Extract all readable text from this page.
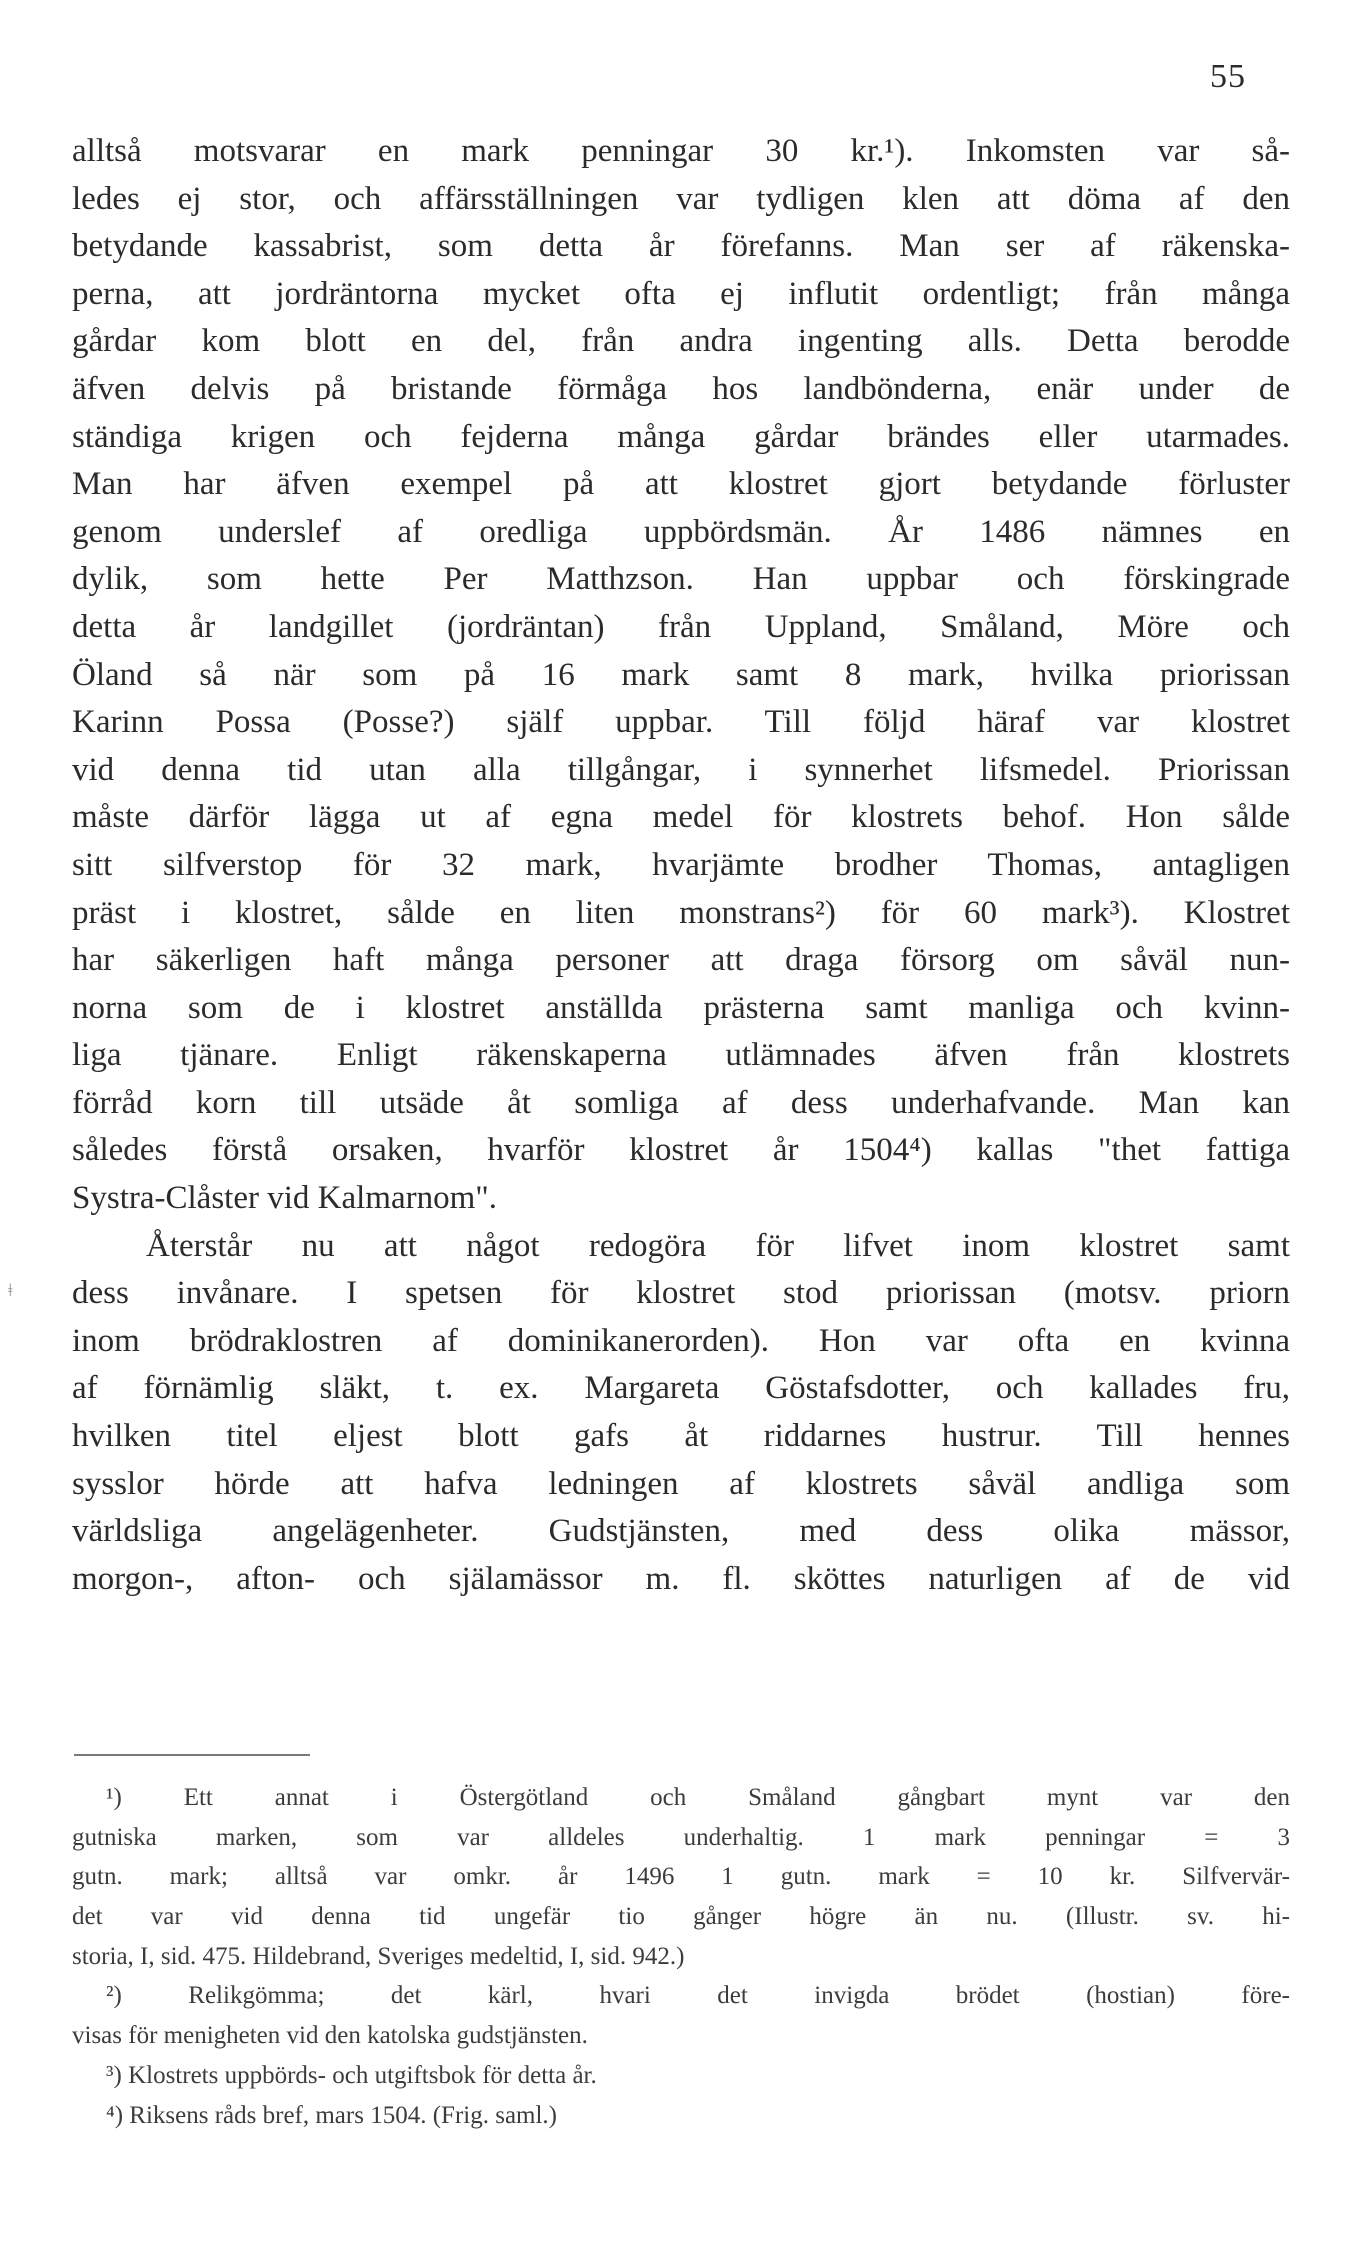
55
ǂ
alltså motsvarar en mark penningar 30 kr.¹). Inkomsten var så-
ledes ej stor, och affärsställningen var tydligen klen att döma af den
betydande kassabrist, som detta år förefanns. Man ser af räkenska-
perna, att jordräntorna mycket ofta ej influtit ordentligt; från många
gårdar kom blott en del, från andra ingenting alls. Detta berodde
äfven delvis på bristande förmåga hos landbönderna, enär under de
ständiga krigen och fejderna många gårdar brändes eller utarmades.
Man har äfven exempel på att klostret gjort betydande förluster
genom underslef af oredliga uppbördsmän. År 1486 nämnes en
dylik, som hette Per Matthzson. Han uppbar och förskingrade
detta år landgillet (jordräntan) från Uppland, Småland, Möre och
Öland så när som på 16 mark samt 8 mark, hvilka priorissan
Karinn Possa (Posse?) själf uppbar. Till följd häraf var klostret
vid denna tid utan alla tillgångar, i synnerhet lifsmedel. Priorissan
måste därför lägga ut af egna medel för klostrets behof. Hon sålde
sitt silfverstop för 32 mark, hvarjämte brodher Thomas, antagligen
präst i klostret, sålde en liten monstrans²) för 60 mark³). Klostret
har säkerligen haft många personer att draga försorg om såväl nun-
norna som de i klostret anställda prästerna samt manliga och kvinn-
liga tjänare. Enligt räkenskaperna utlämnades äfven från klostrets
förråd korn till utsäde åt somliga af dess underhafvande. Man kan
således förstå orsaken, hvarför klostret år 1504⁴) kallas "thet fattiga
Systra-Clåster vid Kalmarnom".
Återstår nu att något redogöra för lifvet inom klostret samt
dess invånare. I spetsen för klostret stod priorissan (motsv. priorn
inom brödraklostren af dominikanerorden). Hon var ofta en kvinna
af förnämlig släkt, t. ex. Margareta Göstafsdotter, och kallades fru,
hvilken titel eljest blott gafs åt riddarnes hustrur. Till hennes
sysslor hörde att hafva ledningen af klostrets såväl andliga som
världsliga angelägenheter. Gudstjänsten, med dess olika mässor,
morgon-, afton- och själamässor m. fl. sköttes naturligen af de vid
¹) Ett annat i Östergötland och Småland gångbart mynt var den
gutniska marken, som var alldeles underhaltig. 1 mark penningar = 3
gutn. mark; alltså var omkr. år 1496 1 gutn. mark = 10 kr. Silfvervär-
det var vid denna tid ungefär tio gånger högre än nu. (Illustr. sv. hi-
storia, I, sid. 475. Hildebrand, Sveriges medeltid, I, sid. 942.)
²) Relikgömma; det kärl, hvari det invigda brödet (hostian) före-
visas för menigheten vid den katolska gudstjänsten.
³) Klostrets uppbörds- och utgiftsbok för detta år.
⁴) Riksens råds bref, mars 1504. (Frig. saml.)
